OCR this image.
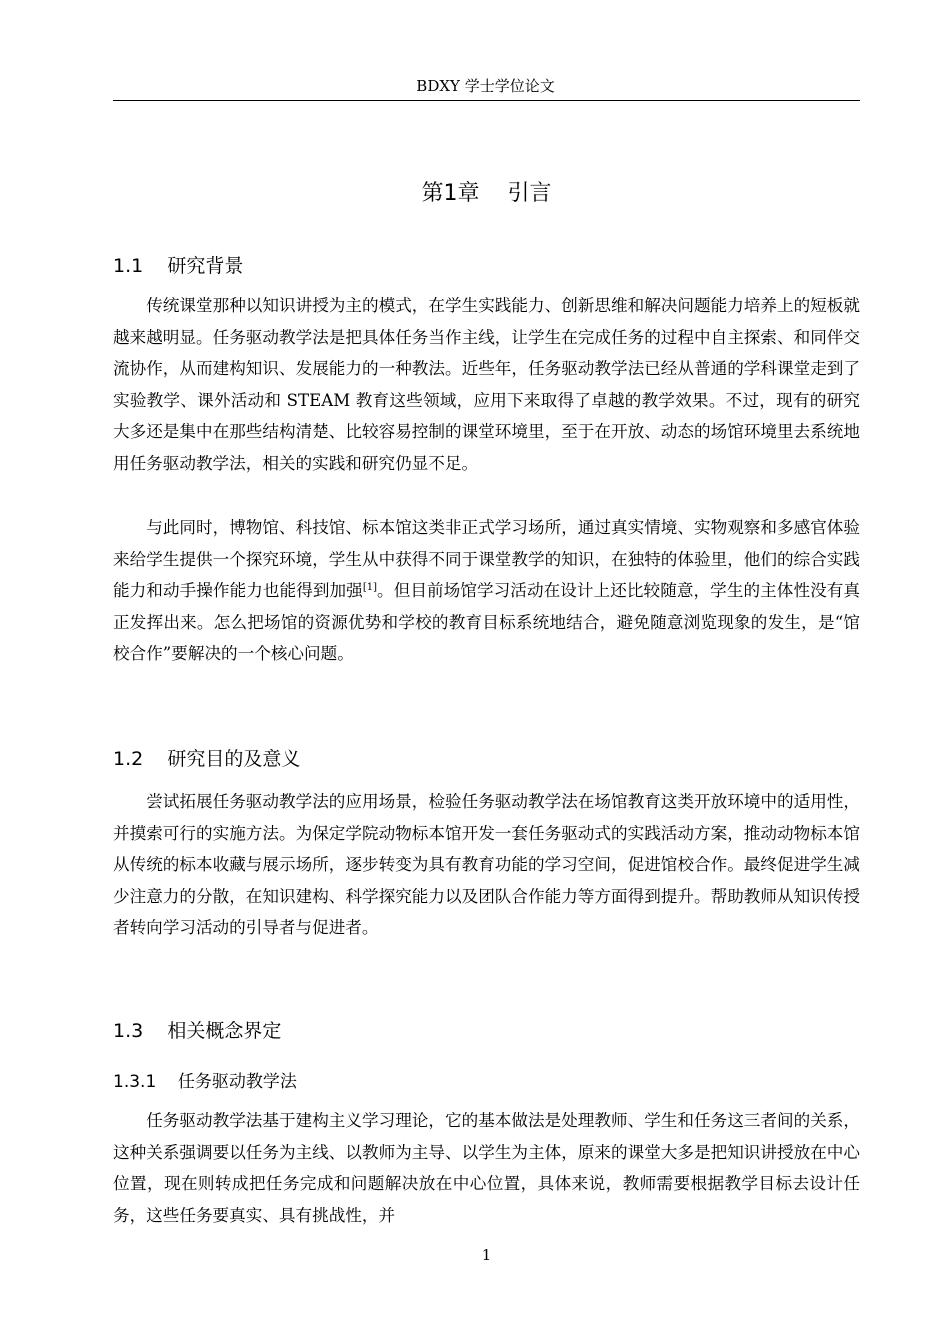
BDXY 学士学位论文
第1章    引言
1.1    研究背景

传统课堂那种以知识讲授为主的模式，在学生实践能力、创新思维和解决问题能力培养上的短板就越来越明显。任务驱动教学法是把具体任务当作主线，让学生在完成任务的过程中自主探索、和同伴交流协作，从而建构知识、发展能力的一种教法。近些年，任务驱动教学法已经从普通的学科课堂走到了实验教学、课外活动和 STEAM 教育这些领域，应用下来取得了卓越的教学效果。不过，现有的研究大多还是集中在那些结构清楚、比较容易控制的课堂环境里，至于在开放、动态的场馆环境里去系统地用任务驱动教学法，相关的实践和研究仍显不足。

与此同时，博物馆、科技馆、标本馆这类非正式学习场所，通过真实情境、实物观察和多感官体验来给学生提供一个探究环境，学生从中获得不同于课堂教学的知识，在独特的体验里，他们的综合实践能力和动手操作能力也能得到加强[1]。但目前场馆学习活动在设计上还比较随意，学生的主体性没有真正发挥出来。怎么把场馆的资源优势和学校的教育目标系统地结合，避免随意浏览现象的发生，是“馆校合作”要解决的一个核心问题。

1.2    研究目的及意义

尝试拓展任务驱动教学法的应用场景，检验任务驱动教学法在场馆教育这类开放环境中的适用性，并摸索可行的实施方法。为保定学院动物标本馆开发一套任务驱动式的实践活动方案，推动动物标本馆从传统的标本收藏与展示场所，逐步转变为具有教育功能的学习空间，促进馆校合作。最终促进学生减少注意力的分散，在知识建构、科学探究能力以及团队合作能力等方面得到提升。帮助教师从知识传授者转向学习活动的引导者与促进者。

1.3    相关概念界定
1.3.1    任务驱动教学法

任务驱动教学法基于建构主义学习理论，它的基本做法是处理教师、学生和任务这三者间的关系，这种关系强调要以任务为主线、以教师为主导、以学生为主体，原来的课堂大多是把知识讲授放在中心位置，现在则转成把任务完成和问题解决放在中心位置，具体来说，教师需要根据教学目标去设计任务，这些任务要真实、具有挑战性，并

1
